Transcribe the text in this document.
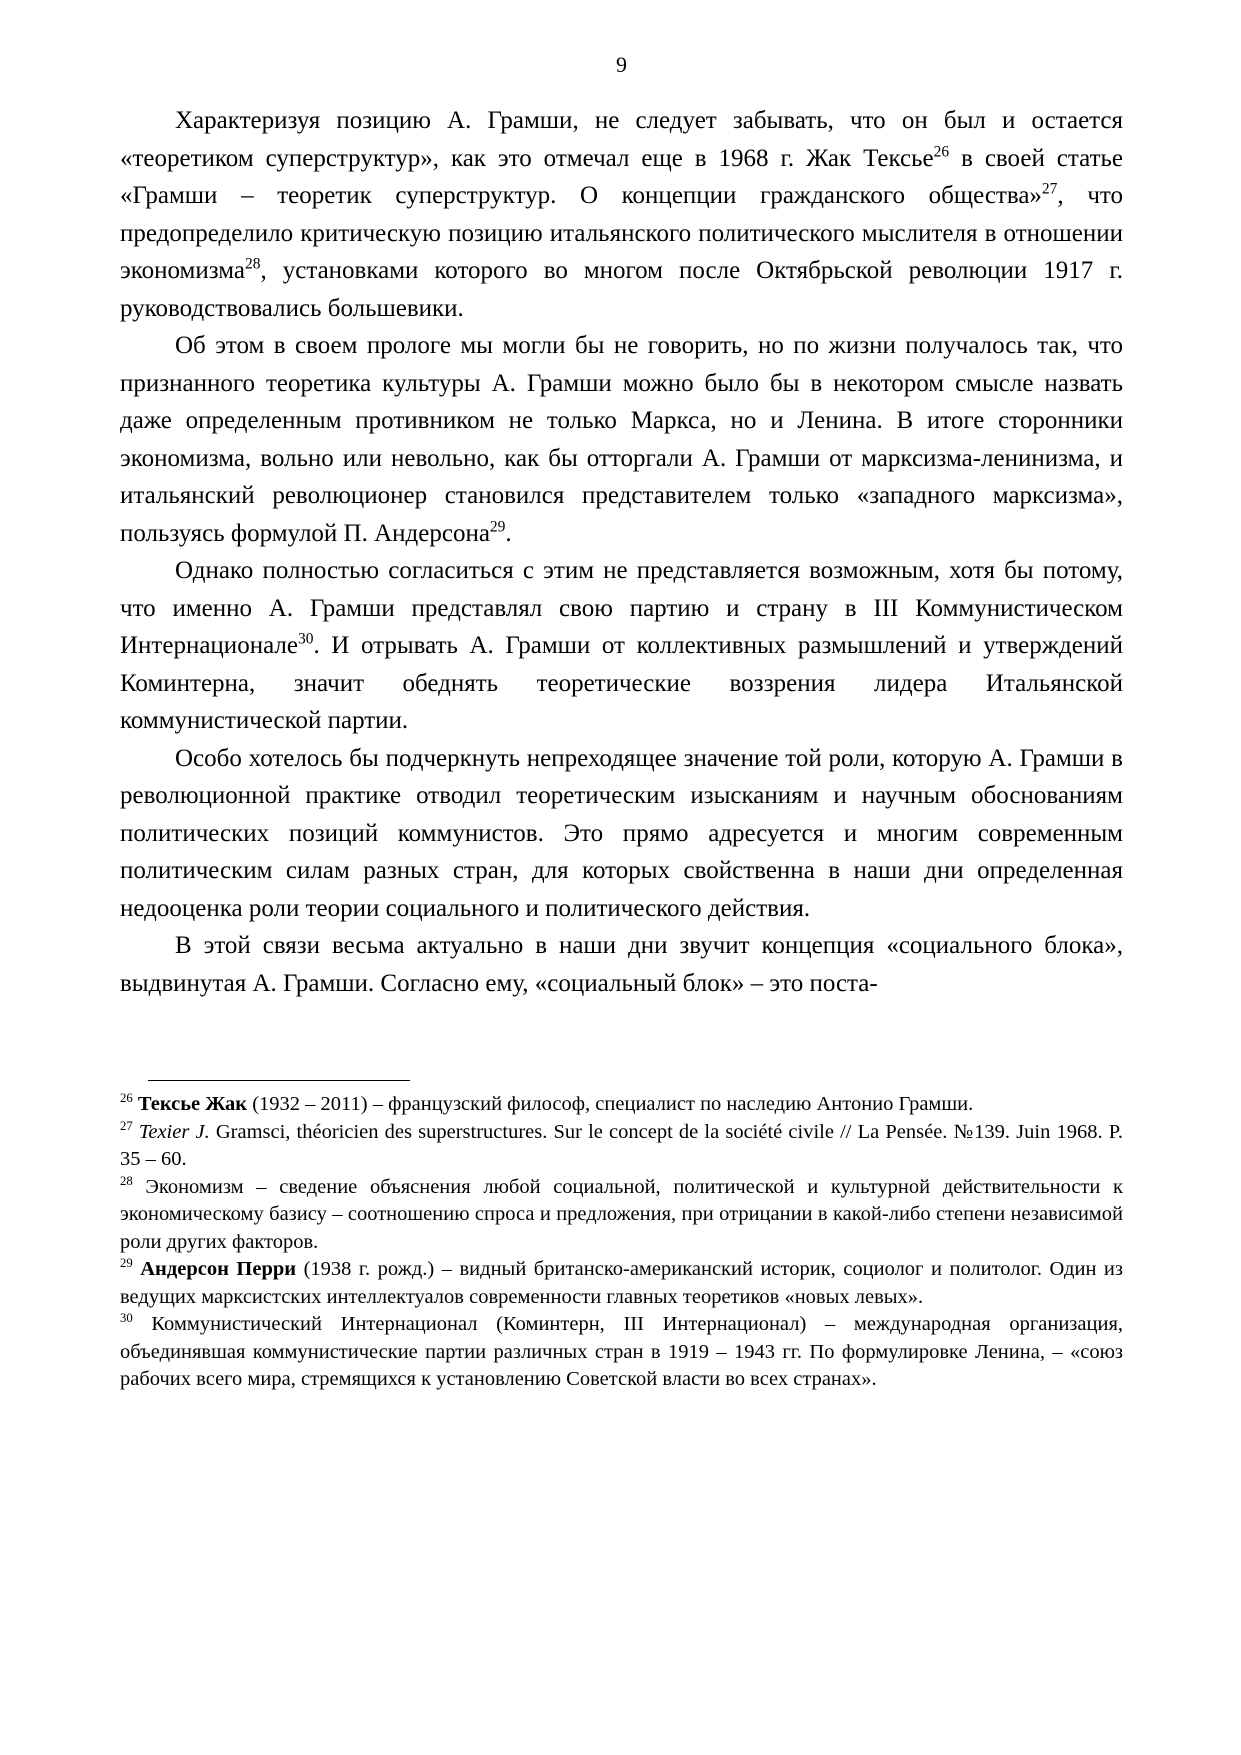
9

Характеризуя позицию А. Грамши, не следует забывать, что он был и остается «теоретиком суперструктур», как это отмечал еще в 1968 г. Жак Тексье$^{26}$ в своей статье «Грамши – теоретик суперструктур. О концепции гражданского общества»$^{27}$, что предопределило критическую позицию итальянского политического мыслителя в отношении экономизма$^{28}$, установками которого во многом после Октябрьской революции 1917 г. руководствовались большевики.

Об этом в своем прологе мы могли бы не говорить, но по жизни получалось так, что признанного теоретика культуры А. Грамши можно было бы в некотором смысле назвать даже определенным противником не только Маркса, но и Ленина. В итоге сторонники экономизма, вольно или невольно, как бы отторгали А. Грамши от марксизма-ленинизма, и итальянский революционер становился представителем только «западного марксизма», пользуясь формулой П. Андерсона$^{29}$.

Однако полностью согласиться с этим не представляется возможным, хотя бы потому, что именно А. Грамши представлял свою партию и страну в III Коммунистическом Интернационале$^{30}$. И отрывать А. Грамши от коллективных размышлений и утверждений Коминтерна, значит обеднять теоретические воззрения лидера Итальянской коммунистической партии.

Особо хотелось бы подчеркнуть непреходящее значение той роли, которую А. Грамши в революционной практике отводил теоретическим изысканиям и научным обоснованиям политических позиций коммунистов. Это прямо адресуется и многим современным политическим силам разных стран, для которых свойственна в наши дни определенная недооценка роли теории социального и политического действия.

В этой связи весьма актуально в наши дни звучит концепция «социального блока», выдвинутая А. Грамши. Согласно ему, «социальный блок» – это поста-

$^{26}$ Тексье Жак (1932 – 2011) – французский философ, специалист по наследию Антонио Грамши.

$^{27}$ Texier J. Gramsci, théoricien des superstructures. Sur le concept de la société civile // La Pensée. №139. Juin 1968. P. 35 – 60.

$^{28}$ Экономизм – сведение объяснения любой социальной, политической и культурной действительности к экономическому базису – соотношению спроса и предложения, при отрицании в какой-либо степени независимой роли других факторов.

$^{29}$ Андерсон Перри (1938 г. рожд.) – видный британско-американский историк, социолог и политолог. Один из ведущих марксистских интеллектуалов современности главных теоретиков «новых левых».

$^{30}$ Коммунистический Интернационал (Коминтерн, III Интернационал) – международная организация, объединявшая коммунистические партии различных стран в 1919 – 1943 гг. По формулировке Ленина, – «союз рабочих всего мира, стремящихся к установлению Советской власти во всех странах».
